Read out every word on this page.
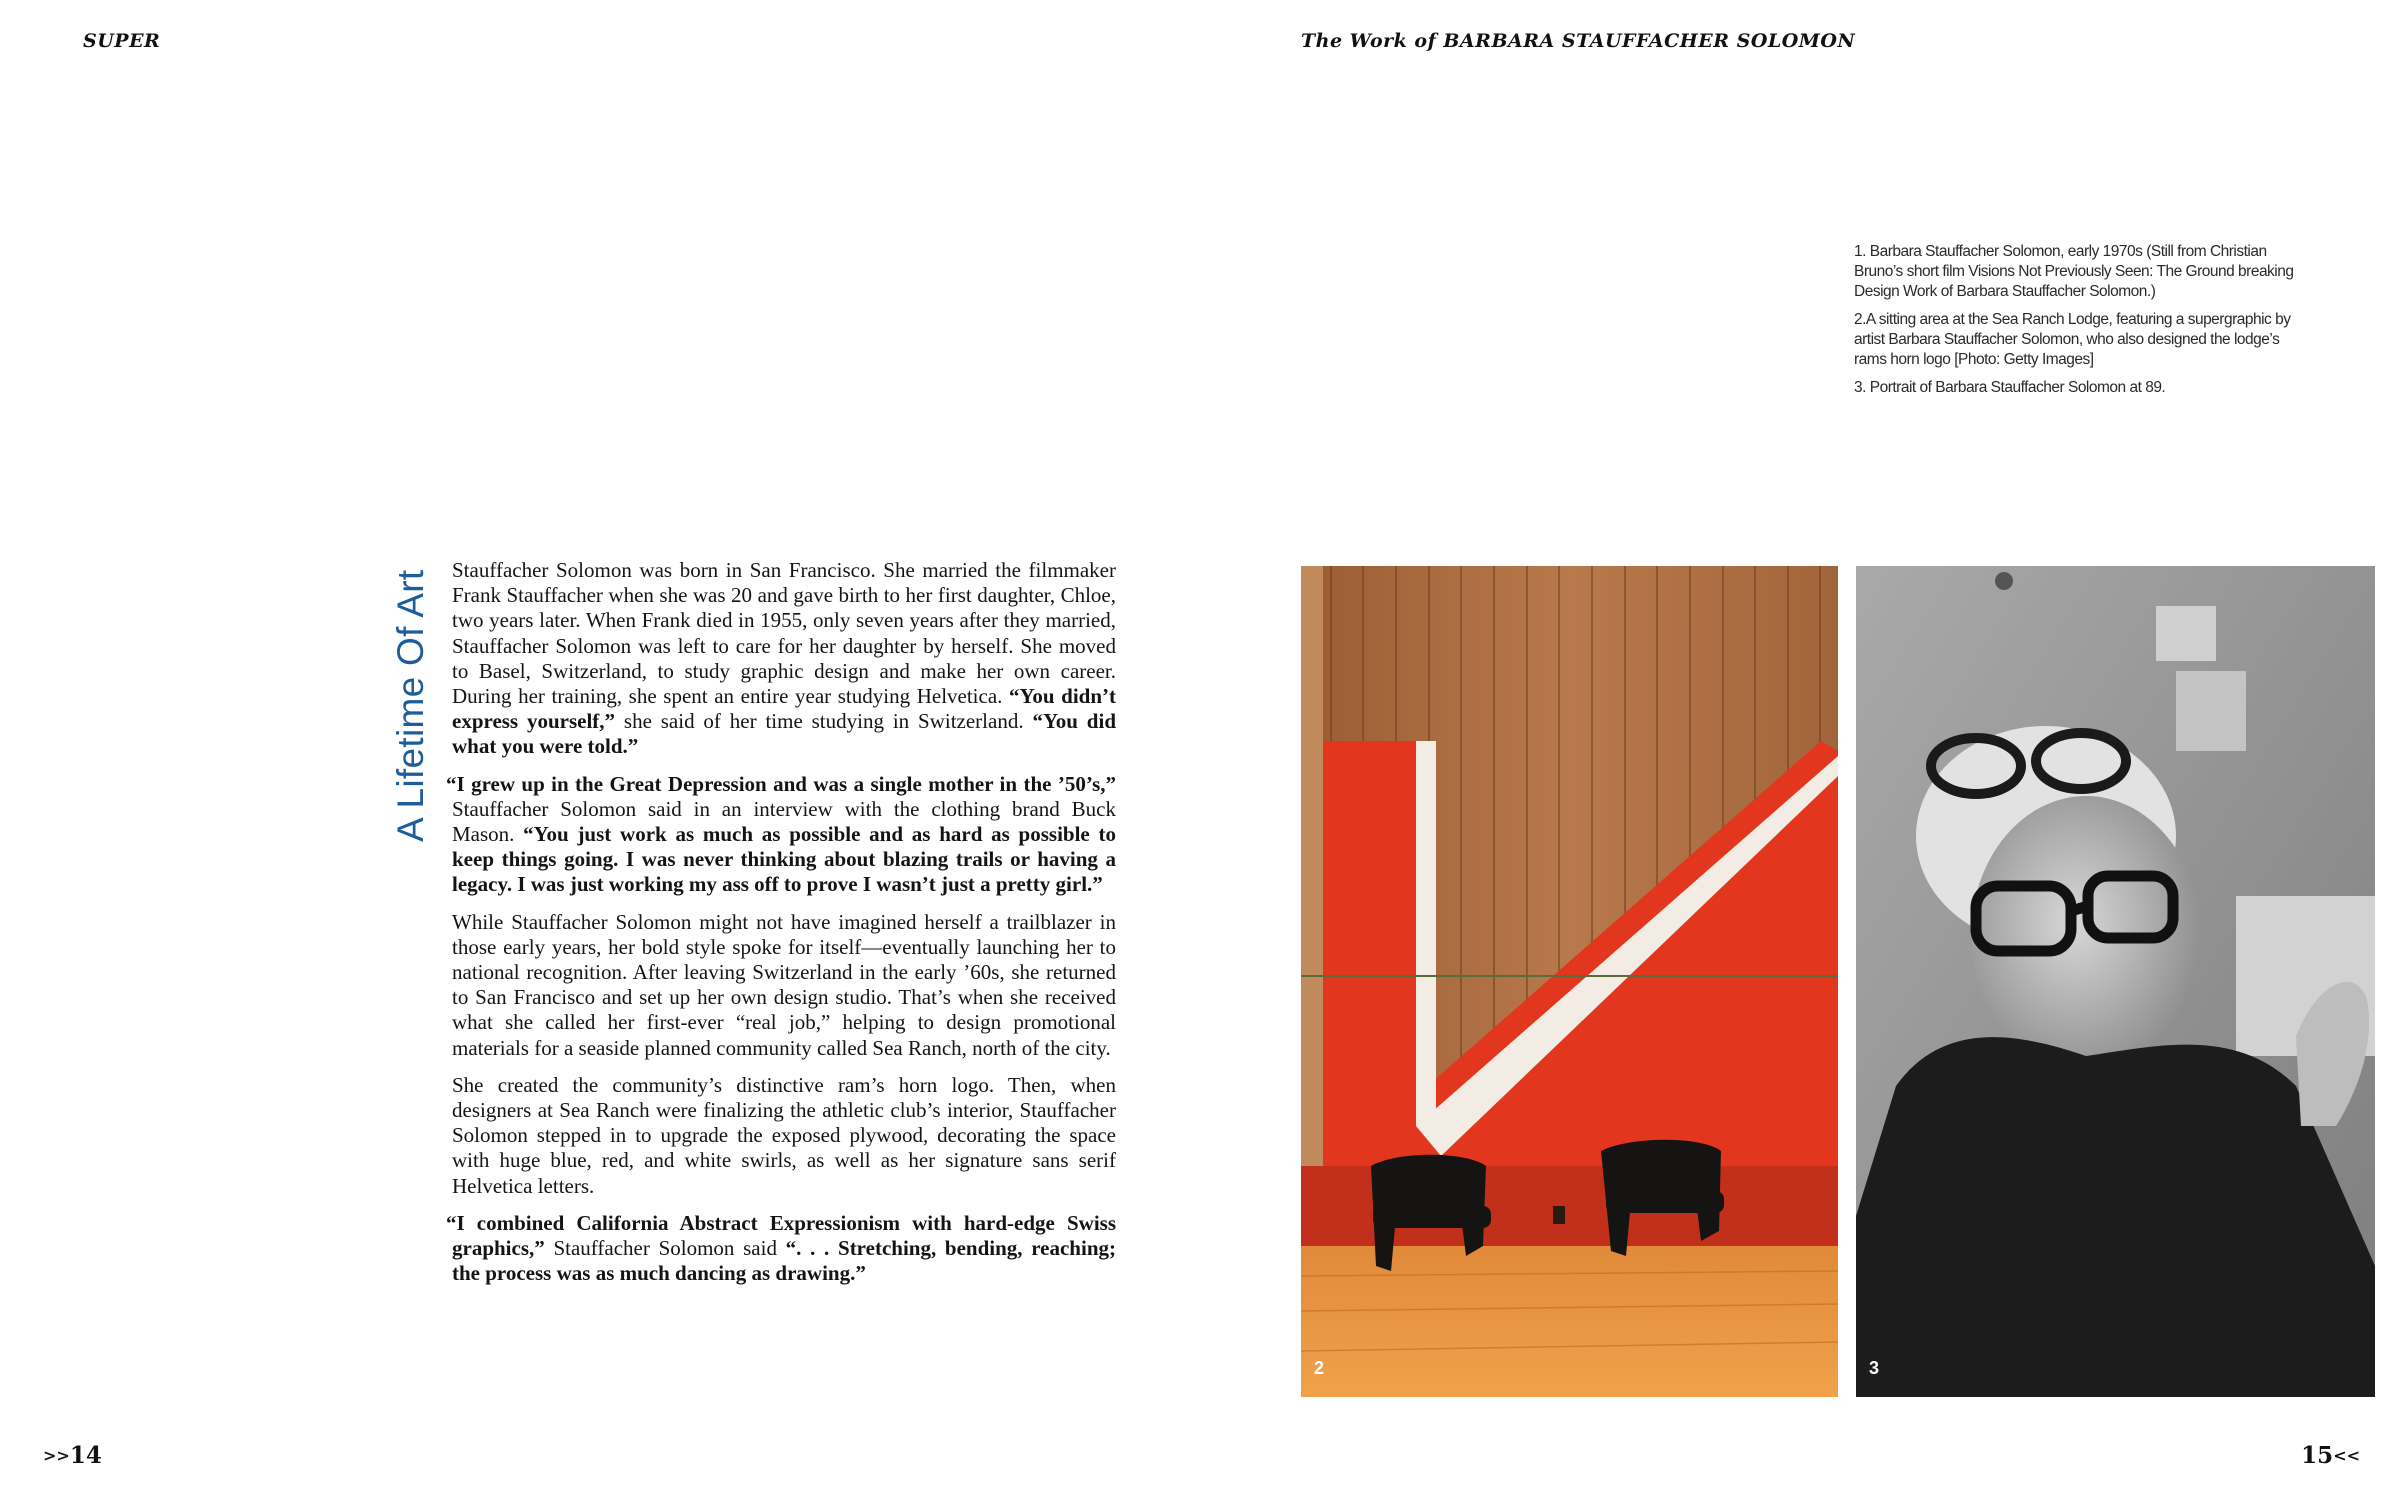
SUPER	The Work of BARBARA STAUFFACHER SOLOMON

1. Barbara Stauffacher Solomon, early 1970s (Still from Christian Bruno’s short film Visions Not Previously Seen: The Ground breaking Design Work of Barbara Stauffacher Solomon.)

2.A sitting area at the Sea Ranch Lodge, featuring a supergraphic by artist Barbara Stauffacher Solomon, who also designed the lodge’s rams horn logo [Photo: Getty Images]

3. Portrait of Barbara Stauffacher Solomon at 89.

A Lifetime Of Art Stauffacher Solomon was born in San Francisco. She married the filmmaker Frank Stauffacher when she was 20 and gave birth to her first daughter, Chloe, two years later. When Frank died in 1955, only seven years after they married, Stauffacher Solomon was left to care for her daughter by herself. She moved to Basel, Switzerland, to study graphic design and make her own career. During her training, she spent an entire year studying Helvetica. “You didn’t express yourself,” she said of her time studying in Switzerland. “You did what you were told.”

“I grew up in the Great Depression and was a single mother in the ’50’s,” Stauffacher Solomon said in an interview with the clothing brand Buck Mason. “You just work as much as possible and as hard as possible to keep things going. I was never thinking about blazing trails or having a legacy. I was just working my ass off to prove I wasn’t just a pretty girl.”

While Stauffacher Solomon might not have imagined herself a trailblazer in those early years, her bold style spoke for itself—eventually launching her to national recognition. After leaving Switzerland in the early ’60s, she returned to San Francisco and set up her own design studio. That’s when she received what she called her first-ever “real job,” helping to design promotional materials for a seaside planned community called Sea Ranch, north of the city.

She created the community’s distinctive ram’s horn logo. Then, when designers at Sea Ranch were finalizing the athletic club’s interior, Stauffacher Solomon stepped in to upgrade the exposed plywood, decorating the space with huge blue, red, and white swirls, as well as her signature sans serif Helvetica letters.

“I combined California Abstract Expressionism with hard-edge Swiss graphics,” Stauffacher Solomon said “. . . Stretching, bending, reaching; the process was as much dancing as drawing.”

2	3
>>14	15<<
